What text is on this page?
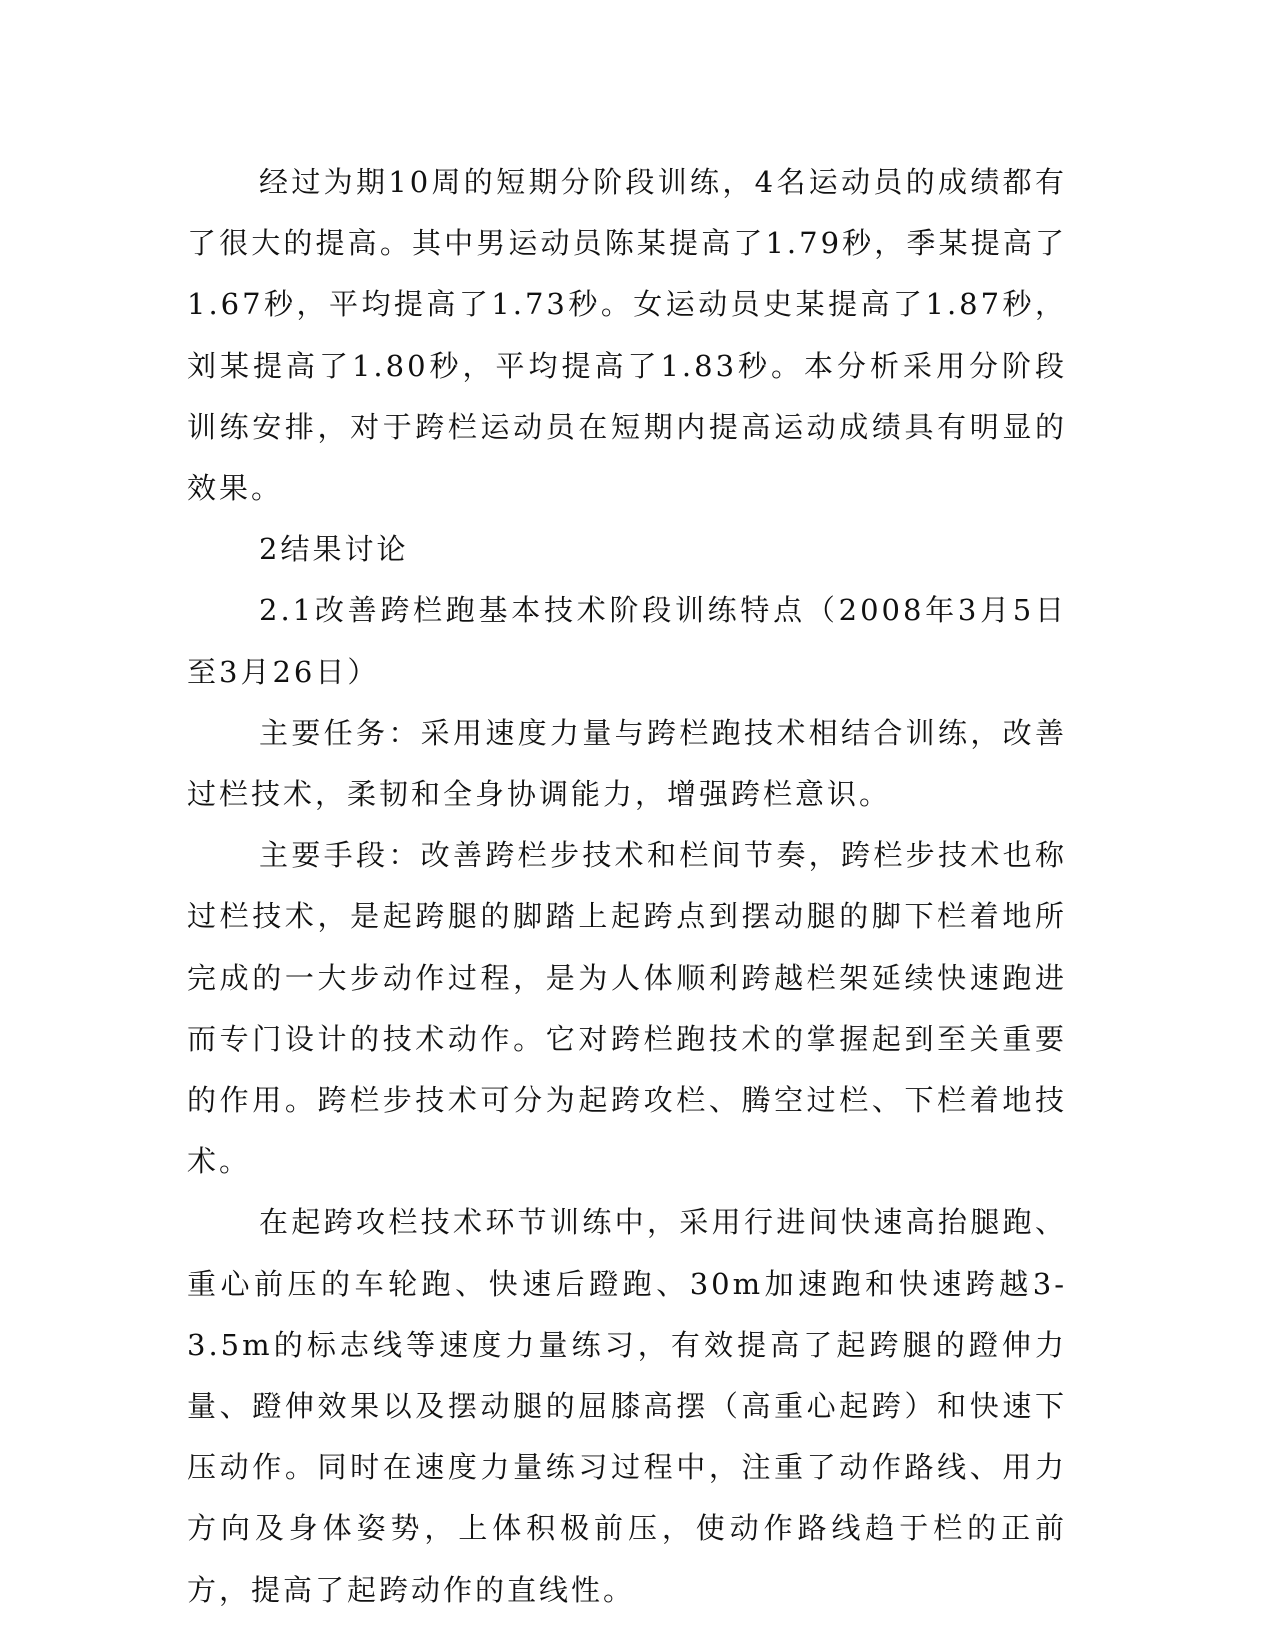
经过为期10周的短期分阶段训练，4名运动员的成绩都有了很大的提高。其中男运动员陈某提高了1.79秒，季某提高了1.67秒，平均提高了1.73秒。女运动员史某提高了1.87秒，刘某提高了1.80秒，平均提高了1.83秒。本分析采用分阶段训练安排，对于跨栏运动员在短期内提高运动成绩具有明显的效果。

2结果讨论

2.1改善跨栏跑基本技术阶段训练特点（2008年3月5日至3月26日）

主要任务：采用速度力量与跨栏跑技术相结合训练，改善过栏技术，柔韧和全身协调能力，增强跨栏意识。

主要手段：改善跨栏步技术和栏间节奏，跨栏步技术也称过栏技术，是起跨腿的脚踏上起跨点到摆动腿的脚下栏着地所完成的一大步动作过程，是为人体顺利跨越栏架延续快速跑进而专门设计的技术动作。它对跨栏跑技术的掌握起到至关重要的作用。跨栏步技术可分为起跨攻栏、腾空过栏、下栏着地技术。

在起跨攻栏技术环节训练中，采用行进间快速高抬腿跑、重心前压的车轮跑、快速后蹬跑、30m加速跑和快速跨越3-3.5m的标志线等速度力量练习，有效提高了起跨腿的蹬伸力量、蹬伸效果以及摆动腿的屈膝高摆（高重心起跨）和快速下压动作。同时在速度力量练习过程中，注重了动作路线、用力方向及身体姿势，上体积极前压，使动作路线趋于栏的正前方，提高了起跨动作的直线性。
